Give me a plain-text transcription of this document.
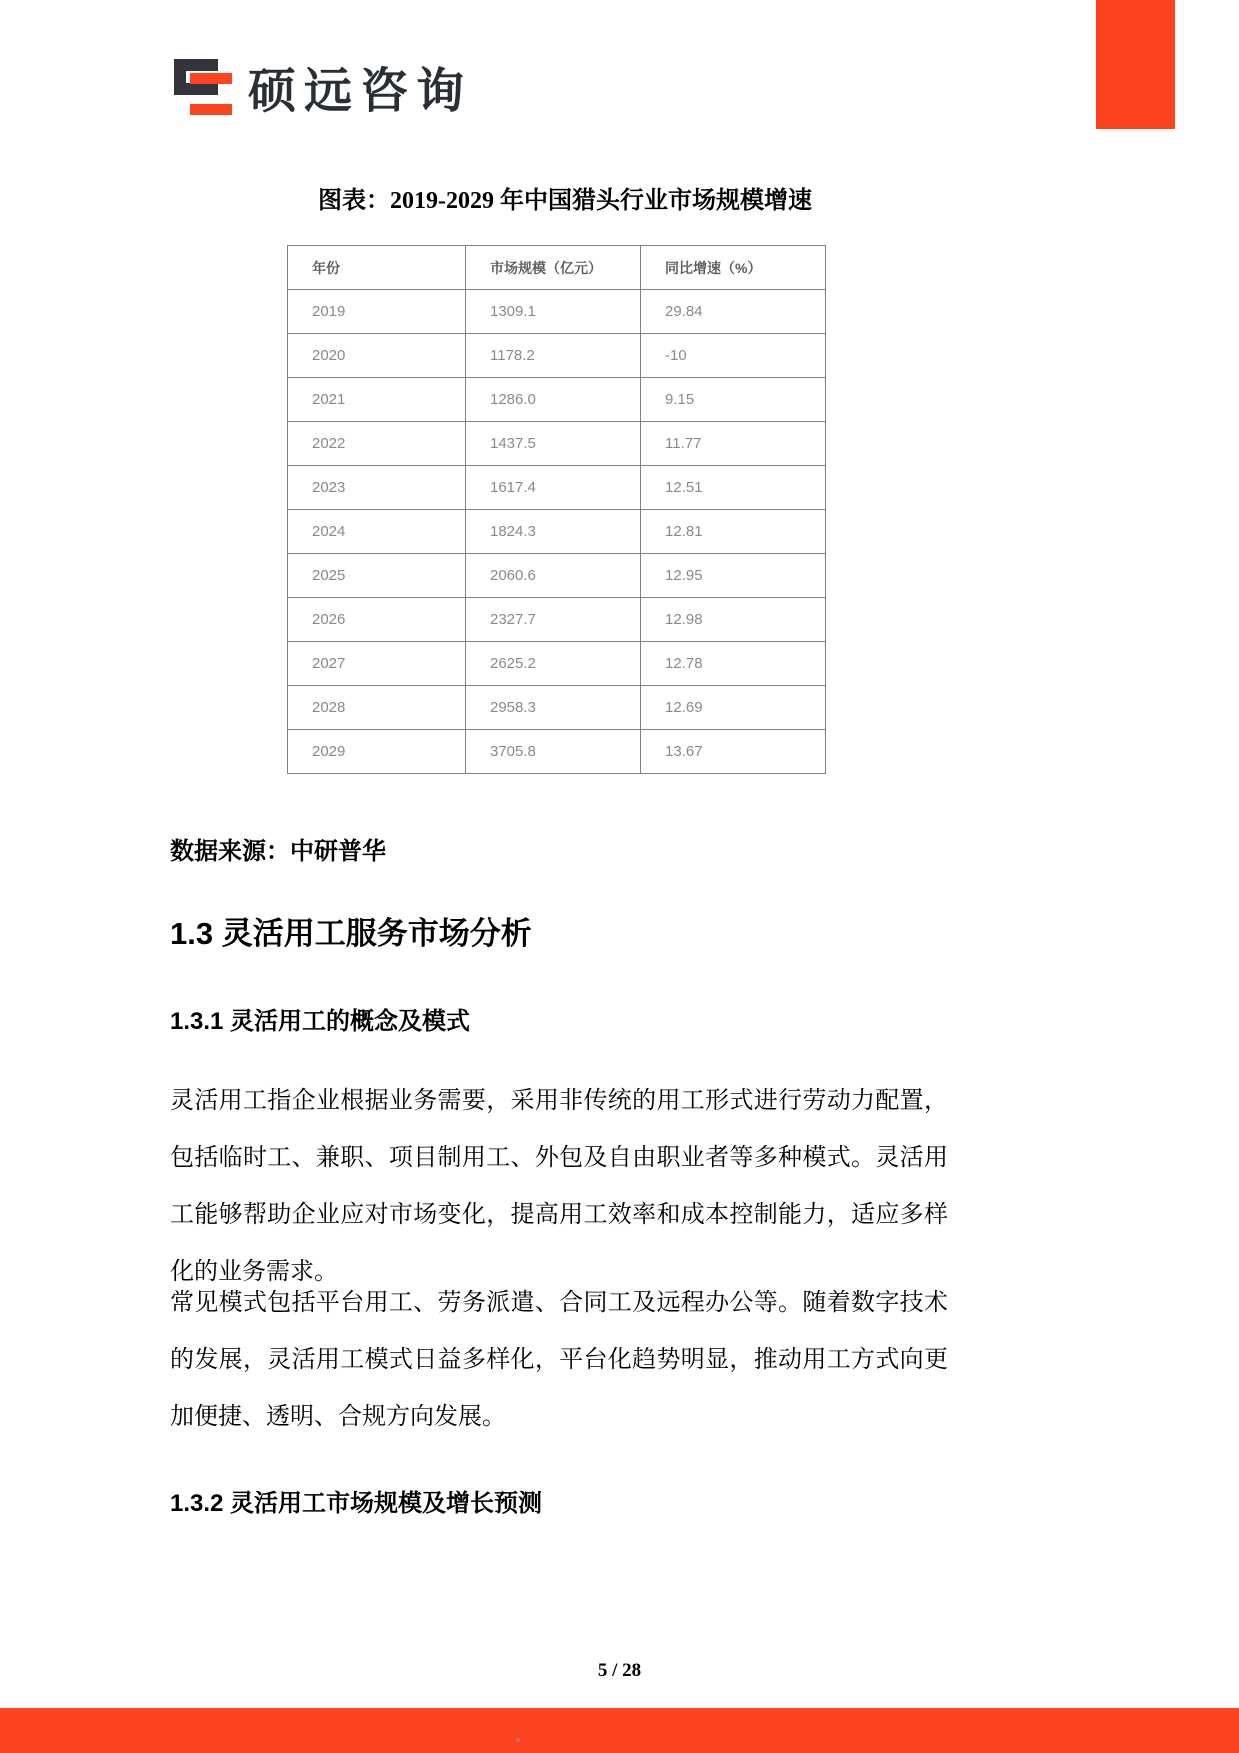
硕远咨询
图表：2019-2029 年中国猎头行业市场规模增速
年份	市场规模（亿元）	同比增速（%）
2019	1309.1	29.84
2020	1178.2	-10
2021	1286.0	9.15
2022	1437.5	11.77
2023	1617.4	12.51
2024	1824.3	12.81
2025	2060.6	12.95
2026	2327.7	12.98
2027	2625.2	12.78
2028	2958.3	12.69
2029	3705.8	13.67
数据来源：中研普华
1.3 灵活用工服务市场分析
1.3.1 灵活用工的概念及模式

灵活用工指企业根据业务需要，采用非传统的用工形式进行劳动力配置，包括临时工、兼职、项目制用工、外包及自由职业者等多种模式。灵活用工能够帮助企业应对市场变化，提高用工效率和成本控制能力，适应多样化的业务需求。

常见模式包括平台用工、劳务派遣、合同工及远程办公等。随着数字技术的发展，灵活用工模式日益多样化，平台化趋势明显，推动用工方式向更加便捷、透明、合规方向发展。

1.3.2 灵活用工市场规模及增长预测
5 / 28
